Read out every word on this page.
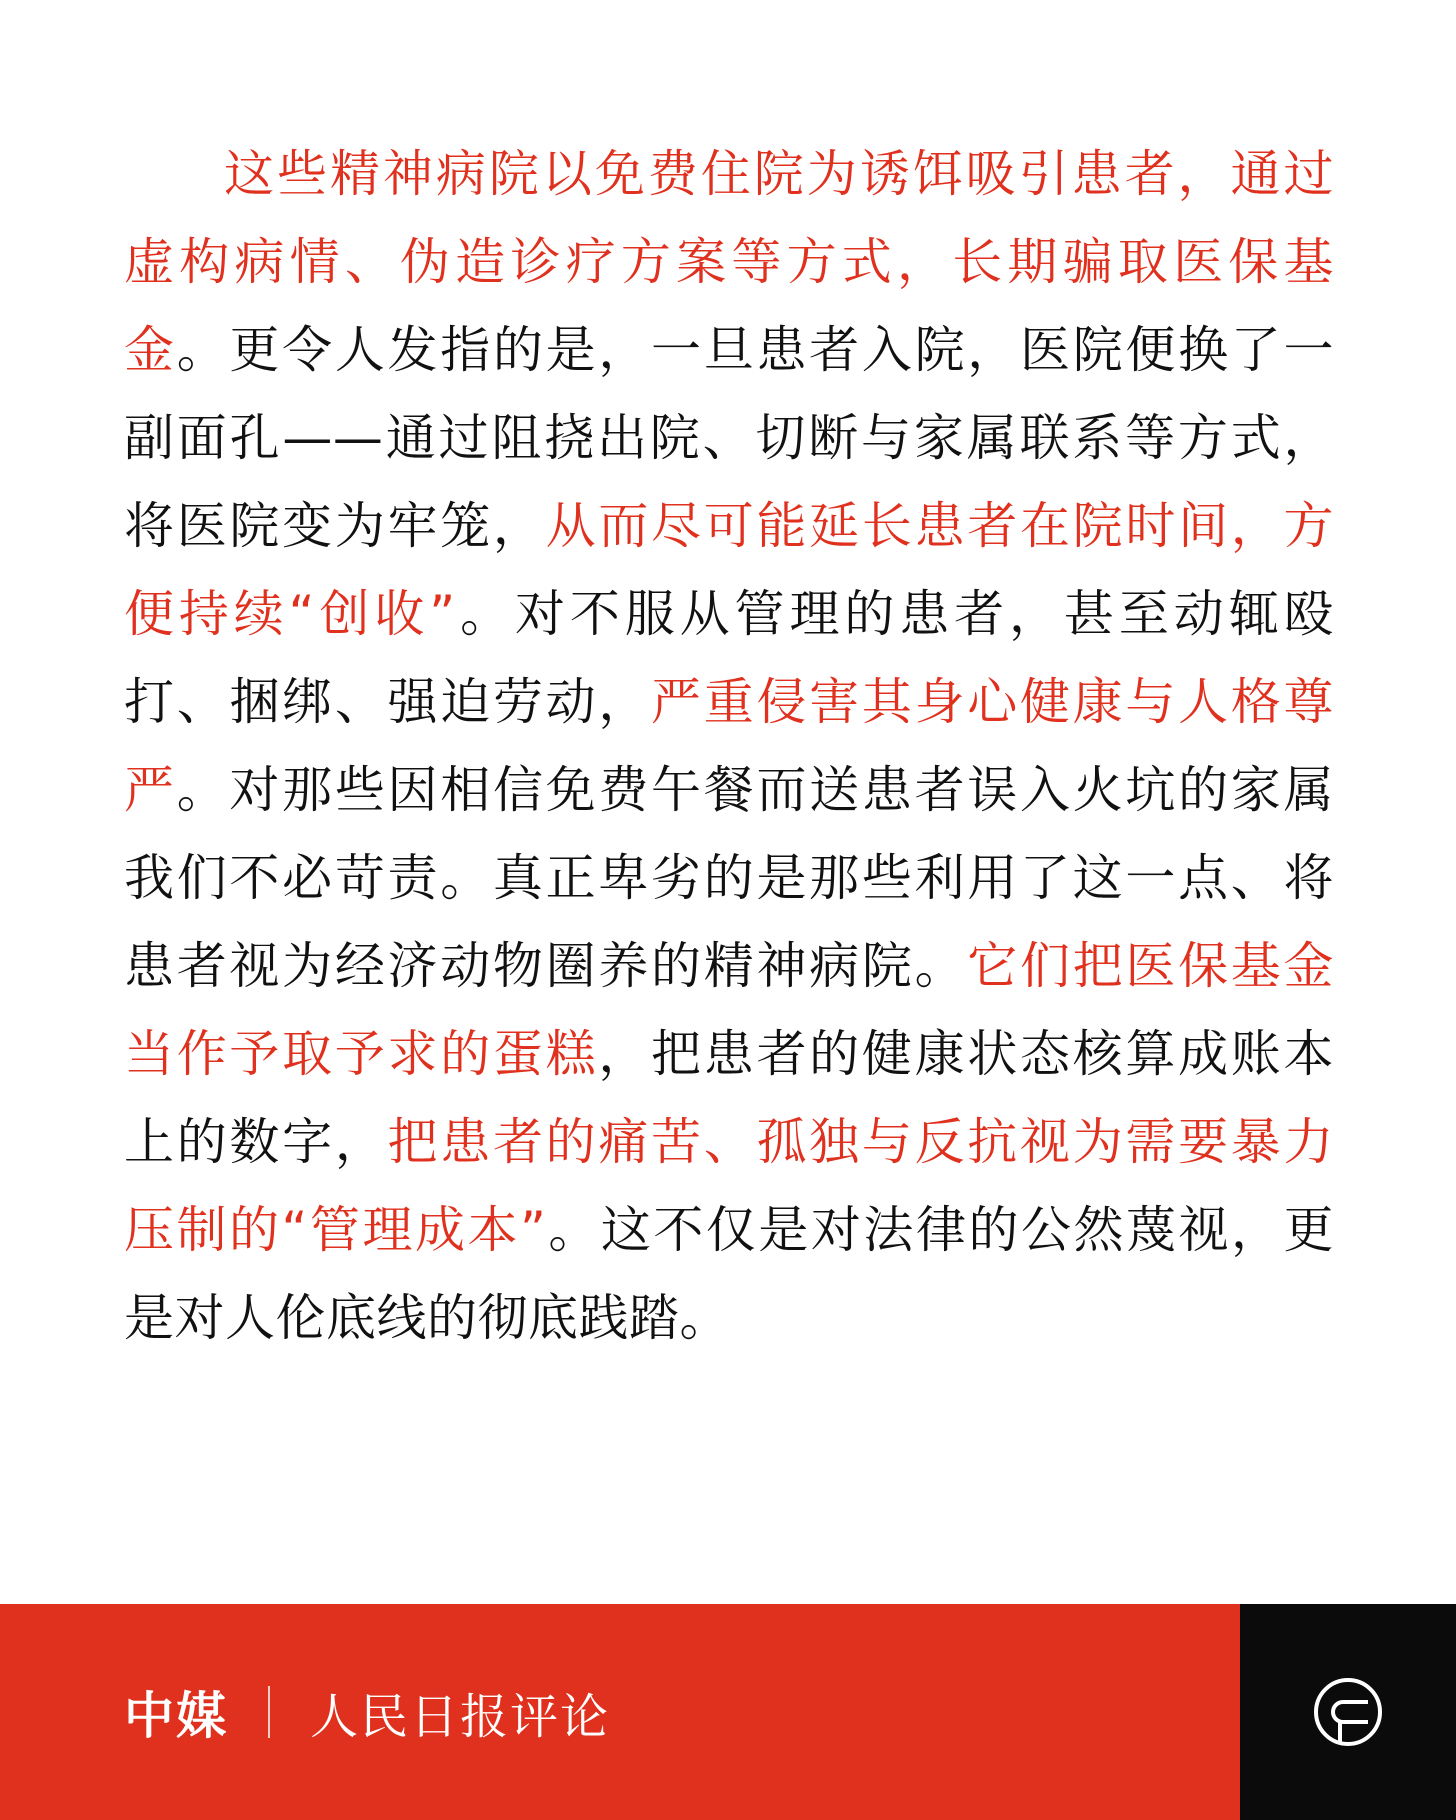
这些精神病院以免费住院为诱饵吸引患者，通过虚构病情、伪造诊疗方案等方式，长期骗取医保基金。更令人发指的是，一旦患者入院，医院便换了一副面孔——通过阻挠出院、切断与家属联系等方式，将医院变为牢笼，从而尽可能延长患者在院时间，方便持续“创收”。对不服从管理的患者，甚至动辄殴打、捆绑、强迫劳动，严重侵害其身心健康与人格尊严。对那些因相信免费午餐而送患者误入火坑的家属我们不必苛责。真正卑劣的是那些利用了这一点、将患者视为经济动物圈养的精神病院。它们把医保基金当作予取予求的蛋糕，把患者的健康状态核算成账本上的数字，把患者的痛苦、孤独与反抗视为需要暴力压制的“管理成本”。这不仅是对法律的公然蔑视，更是对人伦底线的彻底践踏。

中媒 人民日报评论
